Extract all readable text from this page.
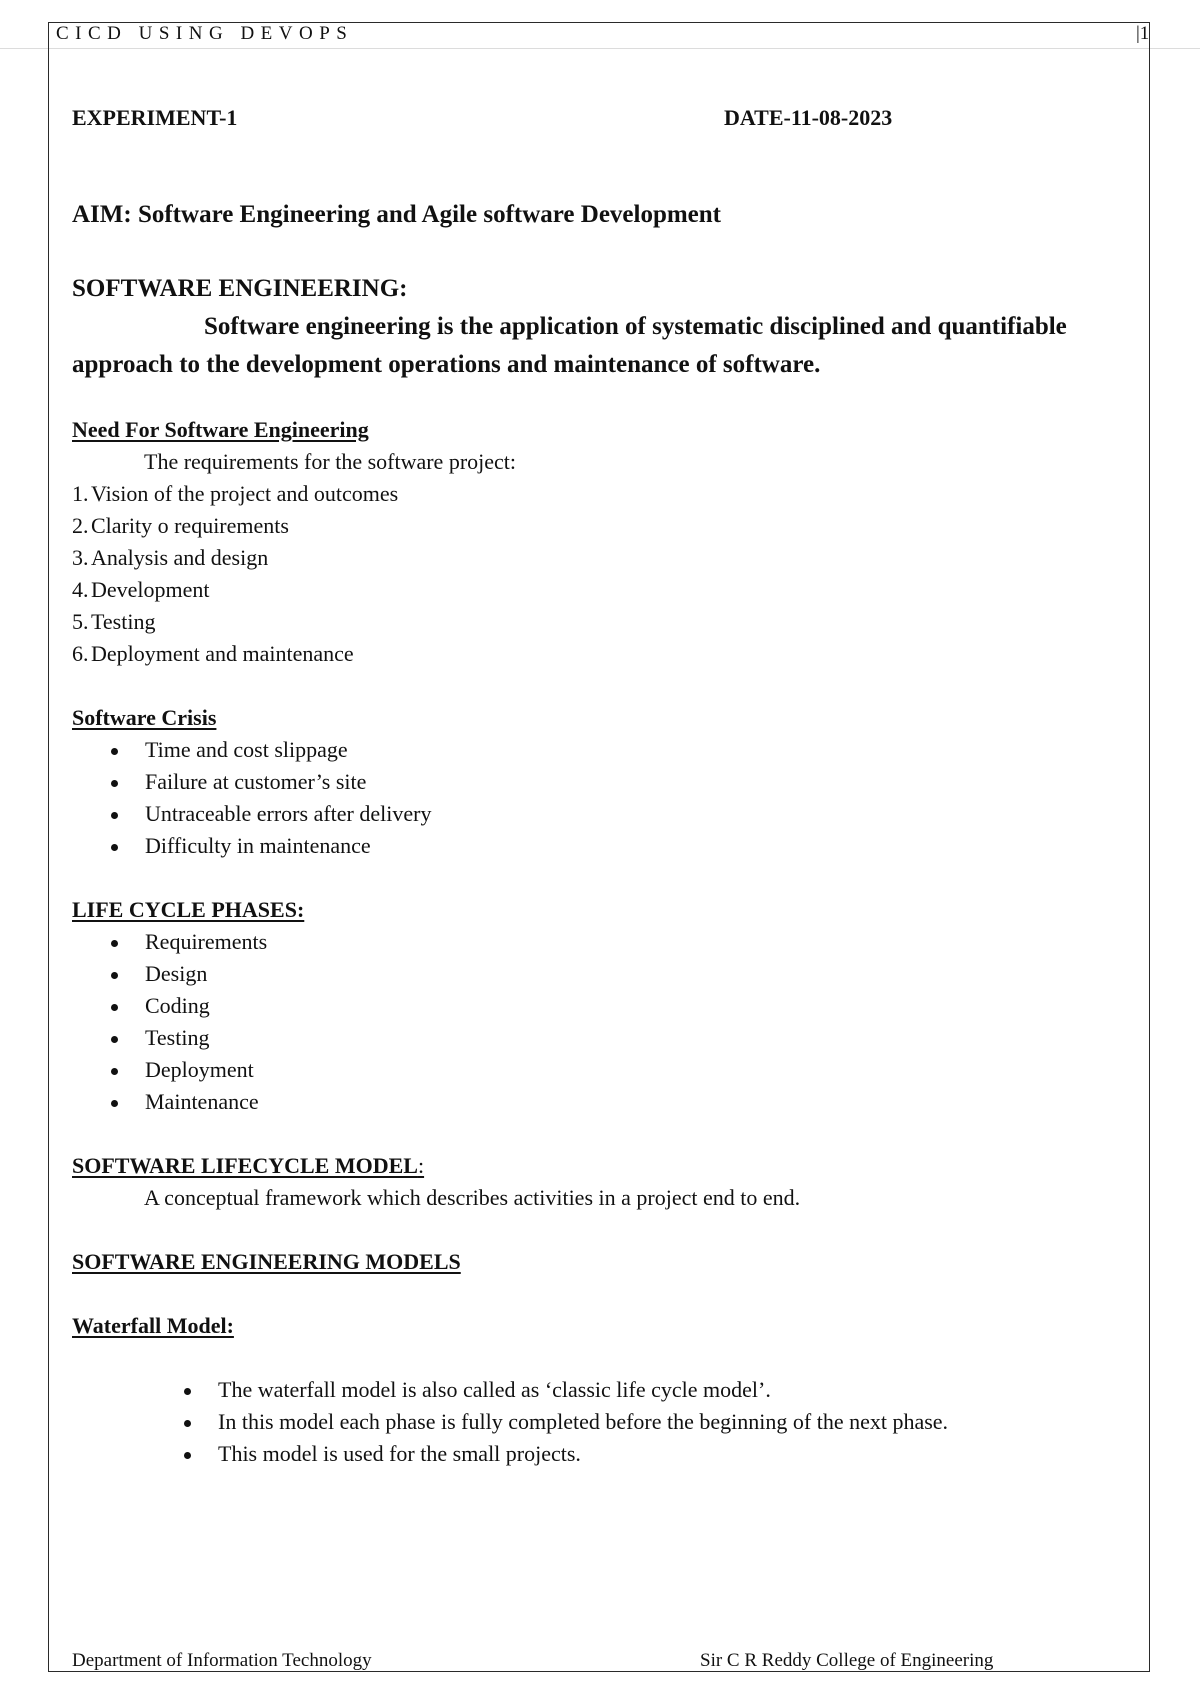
CICD USING DEVOPS	|1
EXPERIMENT-1	DATE-11-08-2023
AIM: Software Engineering and Agile software Development
SOFTWARE ENGINEERING:

Software engineering is the application of systematic disciplined and quantifiable
approach to the development operations and maintenance of software.

Need For Software Engineering
The requirements for the software project:
1. Vision of the project and outcomes
2. Clarity o requirements
3. Analysis and design
4. Development
5. Testing
6. Deployment and maintenance
Software Crisis
Time and cost slippage
Failure at customer’s site
Untraceable errors after delivery
Difficulty in maintenance
LIFE CYCLE PHASES:
Requirements
Design
Coding
Testing
Deployment
Maintenance
SOFTWARE LIFECYCLE MODEL:
A conceptual framework which describes activities in a project end to end.
SOFTWARE ENGINEERING MODELS
Waterfall Model:
The waterfall model is also called as ‘classic life cycle model’.
In this model each phase is fully completed before the beginning of the next phase.
This model is used for the small projects.
Department of Information Technology	Sir C R Reddy College of Engineering
